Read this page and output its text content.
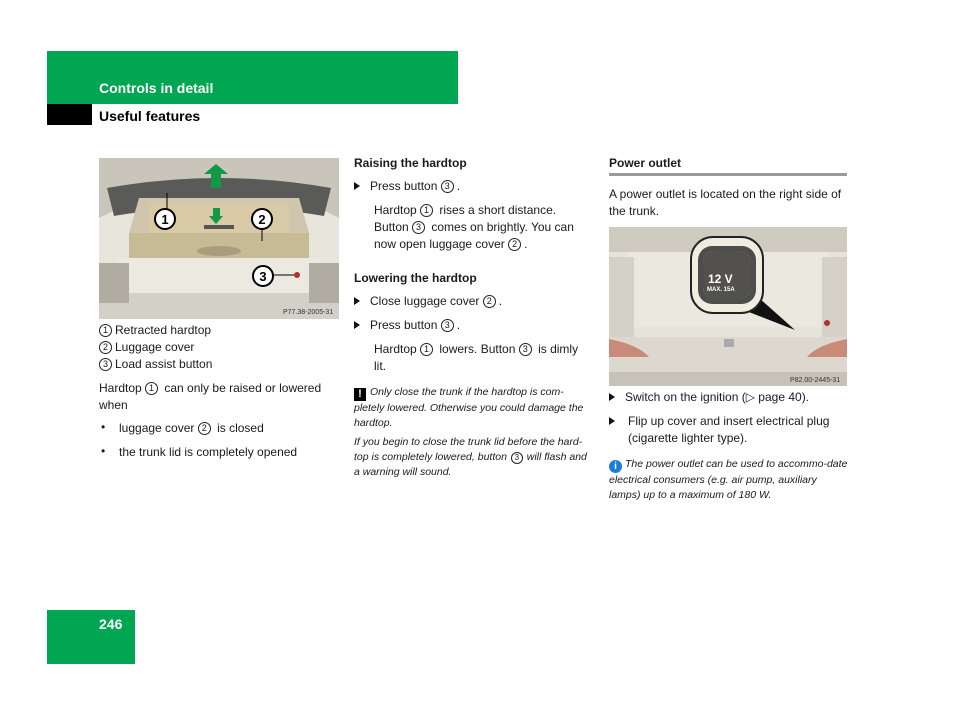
Controls in detail
Useful features
1	2
3
P77.38-2005-31
1 Retracted hardtop
2 Luggage cover
3 Load assist button
Hardtop 1 can only be raised or lowered when
• luggage cover 2 is closed
• the trunk lid is completely opened
Raising the hardtop
Press button 3 .
Hardtop 1 rises a short distance. Button 3 comes on brightly. You can now open luggage cover 2 .
Lowering the hardtop
Close luggage cover 2 .
Press button 3 .
Hardtop 1 lowers. Button 3 is dimly lit.
! Only close the trunk if the hardtop is com-pletely lowered. Otherwise you could damage the hardtop.
If you begin to close the trunk lid before the hard-top is completely lowered, button 3 will flash and a warning will sound.
Power outlet
A power outlet is located on the right side of the trunk.
12 V
MAX. 15A
P82.00-2445-31
Switch on the ignition (▷ page 40).
Flip up cover and insert electrical plug (cigarette lighter type).
i The power outlet can be used to accommo-date electrical consumers (e.g. air pump, auxiliary lamps) up to a maximum of 180 W.
246
